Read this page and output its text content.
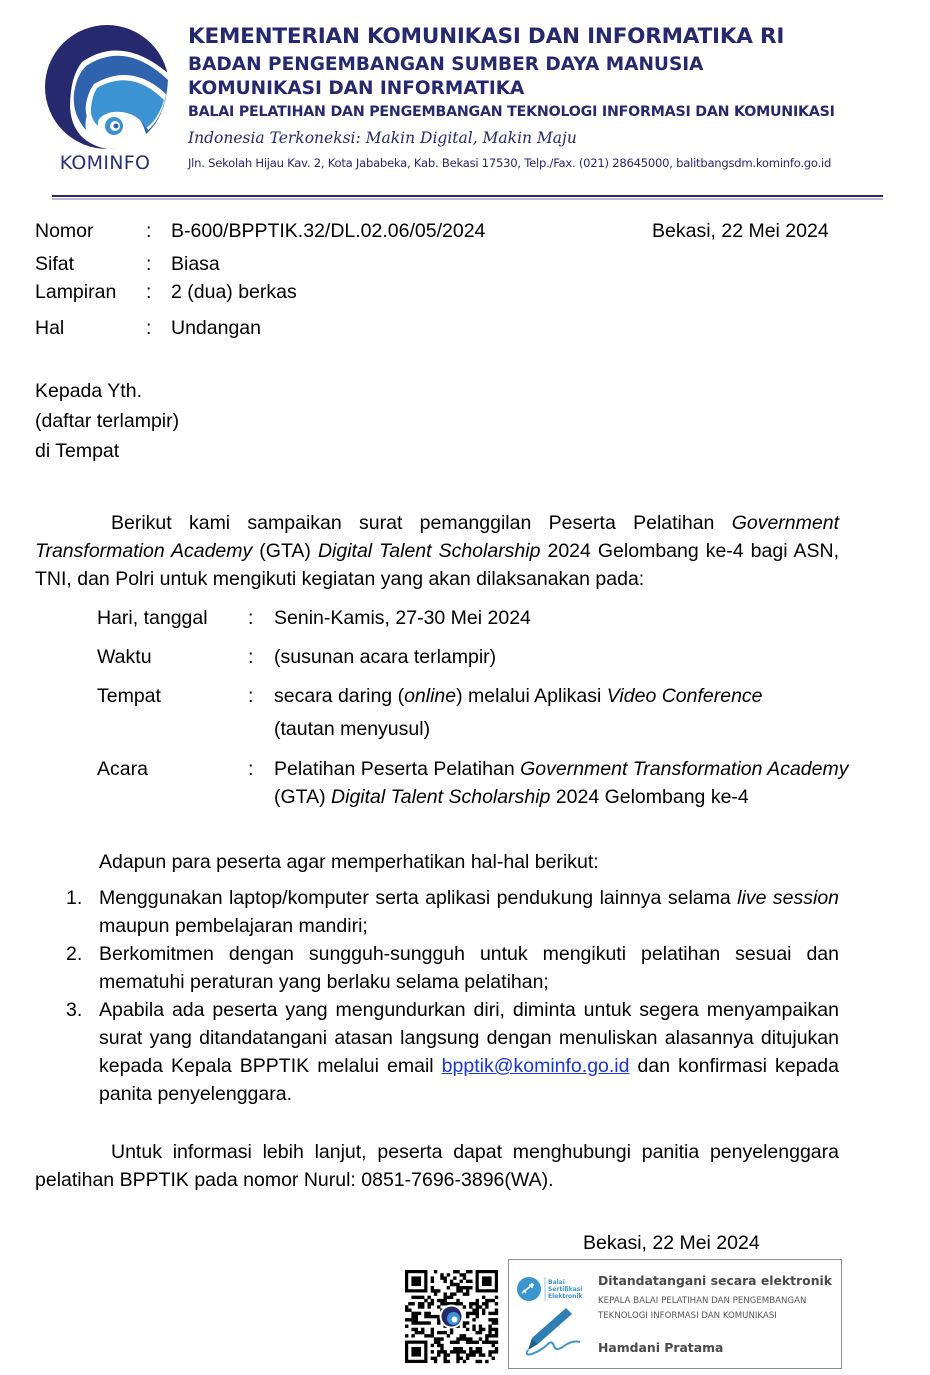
KOMINFO
KEMENTERIAN KOMUNIKASI DAN INFORMATIKA RI
BADAN PENGEMBANGAN SUMBER DAYA MANUSIA
KOMUNIKASI DAN INFORMATIKA
BALAI PELATIHAN DAN PENGEMBANGAN TEKNOLOGI INFORMASI DAN KOMUNIKASI
Indonesia Terkoneksi: Makin Digital, Makin Maju
Jln. Sekolah Hijau Kav. 2, Kota Jababeka, Kab. Bekasi 17530, Telp./Fax. (021) 28645000, balitbangsdm.kominfo.go.id
Nomor	: B-600/BPPTIK.32/DL.02.06/05/2024	Bekasi, 22 Mei 2024
Sifat	: Biasa
Lampiran : 2 (dua) berkas
Hal	: Undangan
Kepada Yth.
(daftar terlampir)
di Tempat
Berikut kami sampaikan surat pemanggilan Peserta Pelatihan Government Transformation Academy (GTA) Digital Talent Scholarship 2024 Gelombang ke-4 bagi ASN, TNI, dan Polri untuk mengikuti kegiatan yang akan dilaksanakan pada:
Hari, tanggal : Senin-Kamis, 27-30 Mei 2024
Waktu	: (susunan acara terlampir)
Tempat	: secara daring (online) melalui Aplikasi Video Conference
(tautan menyusul)
Acara	: Pelatihan Peserta Pelatihan Government Transformation Academy (GTA) Digital Talent Scholarship 2024 Gelombang ke-4
Adapun para peserta agar memperhatikan hal-hal berikut:
1. Menggunakan laptop/komputer serta aplikasi pendukung lainnya selama live session maupun pembelajaran mandiri;
2. Berkomitmen dengan sungguh-sungguh untuk mengikuti pelatihan sesuai dan mematuhi peraturan yang berlaku selama pelatihan;
3. Apabila ada peserta yang mengundurkan diri, diminta untuk segera menyampaikan surat yang ditandatangani atasan langsung dengan menuliskan alasannya ditujukan kepada Kepala BPPTIK melalui email bpptik@kominfo.go.id dan konfirmasi kepada panita penyelenggara.
Untuk informasi lebih lanjut, peserta dapat menghubungi panitia penyelenggara pelatihan BPPTIK pada nomor Nurul: 0851-7696-3896(WA).
Bekasi, 22 Mei 2024
Balai
Sertifikasi
Elektronik
Ditandatangani secara elektronik
KEPALA BALAI PELATIHAN DAN PENGEMBANGAN
TEKNOLOGI INFORMASI DAN KOMUNIKASI
Hamdani Pratama
